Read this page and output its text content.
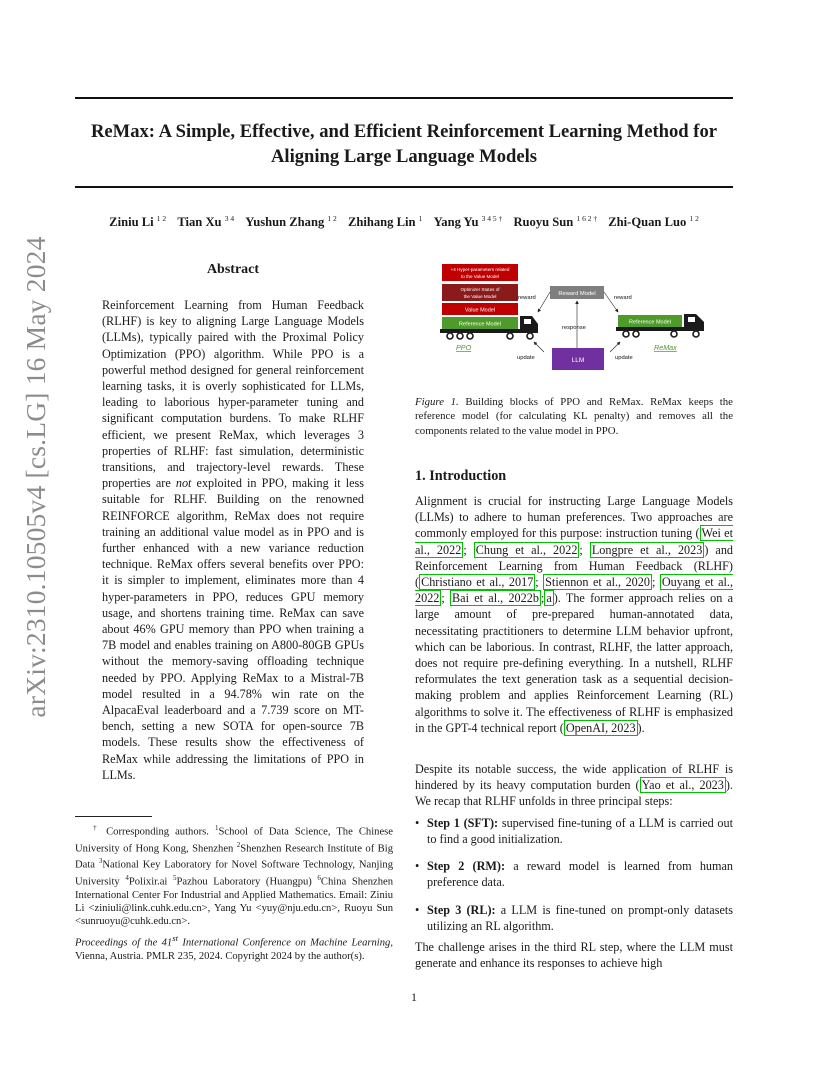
ReMax: A Simple, Effective, and Efficient Reinforcement Learning Method for
Aligning Large Language Models
Ziniu Li $^{1 2}$ Tian Xu $^{3 4}$ Yushun Zhang $^{1 2}$ Zhihang Lin $^1$ Yang Yu $^{3 4 5 \dagger}$ Ruoyu Sun $^{1 6 2 \dagger}$ Zhi-Quan Luo $^{1 2}$
arXiv:2310.10505v4 [cs.LG] 16 May 2024	Abstract
Reinforcement Learning from Human Feedback (RLHF) is key to aligning Large Language Models (LLMs), typically paired with the Proximal Policy Optimization (PPO) algorithm. While PPO is a powerful method designed for general reinforcement learning tasks, it is overly sophisticated for LLMs, leading to laborious hyper-parameter tuning and significant computation burdens. To make RLHF efficient, we present ReMax, which leverages 3 properties of RLHF: fast simulation, deterministic transitions, and trajectory-level rewards. These properties are not exploited in PPO, making it less suitable for RLHF. Building on the renowned REINFORCE algorithm, ReMax does not require training an additional value model as in PPO and is further enhanced with a new variance reduction technique. ReMax offers several benefits over PPO: it is simpler to implement, eliminates more than 4 hyper-parameters in PPO, reduces GPU memory usage, and shortens training time. ReMax can save about 46% GPU memory than PPO when training a 7B model and enables training on A800-80GB GPUs without the memory-saving offloading technique needed by PPO. Applying ReMax to a Mistral-7B model resulted in a 94.78% win rate on the AlpacaEval leaderboard and a 7.739 score on MT-bench, setting a new SOTA for open-source 7B models. These results show the effectiveness of ReMax while addressing the limitations of PPO in LLMs.
† Corresponding authors. $^1$School of Data Science, The Chinese University of Hong Kong, Shenzhen $^2$Shenzhen Research Institute of Big Data $^3$National Key Laboratory for Novel Software Technology, Nanjing University $^4$Polixir.ai $^5$Pazhou Laboratory (Huangpu) $^6$China Shenzhen International Center For Industrial and Applied Mathematics. Email: Ziniu Li <ziniuli@link.cuhk.edu.cn>, Yang Yu <yuy@nju.edu.cn>, Ruoyu Sun <sunruoyu@cuhk.edu.cn>.
Proceedings of the 41st International Conference on Machine Learning, Vienna, Austria. PMLR 235, 2024. Copyright 2024 by the author(s).
1
+4 Hyper-parameters related
to the Value Model
Optimizer States of
the Value Model
Value Model
Reference Model
PPO
Reward Model
reward	reward
response
LLM
update	update
Reference Model
ReMax
Figure 1. Building blocks of PPO and ReMax. ReMax keeps the reference model (for calculating KL penalty) and removes all the components related to the value model in PPO.
1. Introduction
Alignment is crucial for instructing Large Language Models (LLMs) to adhere to human preferences. Two approaches are commonly employed for this purpose: instruction tuning ( Wei et al., 2022 ; Chung et al., 2022 ; Longpre et al., 2023 ) and Reinforcement Learning from Human Feedback (RLHF) ( Christiano et al., 2017 ; Stiennon et al., 2020 ; Ouyang et al., 2022 ; Bai et al., 2022b ; a ). The former approach relies on a large amount of pre-prepared human-annotated data, necessitating practitioners to determine LLM behavior upfront, which can be laborious. In contrast, RLHF, the latter approach, does not require pre-defining everything. In a nutshell, RLHF reformulates the text generation task as a sequential decision-making problem and applies Reinforcement Learning (RL) algorithms to solve it. The effectiveness of RLHF is emphasized in the GPT-4 technical report ( OpenAI, 2023 ).
Despite its notable success, the wide application of RLHF is hindered by its heavy computation burden ( Yao et al., 2023 ). We recap that RLHF unfolds in three principal steps:
• Step 1 (SFT): supervised fine-tuning of a LLM is carried out to find a good initialization.
• Step 2 (RM): a reward model is learned from human preference data.
• Step 3 (RL): a LLM is fine-tuned on prompt-only datasets utilizing an RL algorithm.
The challenge arises in the third RL step, where the LLM must generate and enhance its responses to achieve high
